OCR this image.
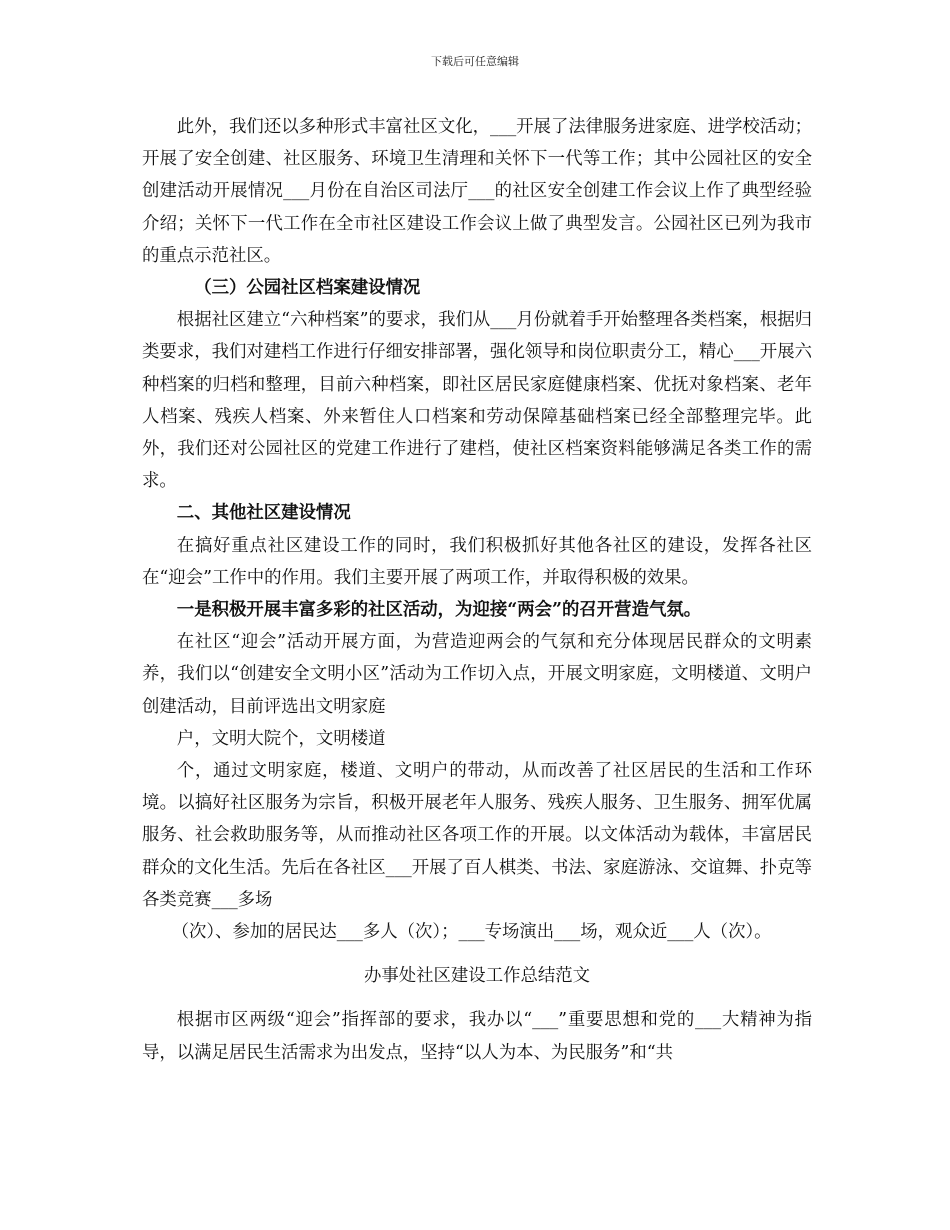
下载后可任意编辑

此外，我们还以多种形式丰富社区文化，___开展了法律服务进家庭、进学校活动；开展了安全创建、社区服务、环境卫生清理和关怀下一代等工作；其中公园社区的安全创建活动开展情况___月份在自治区司法厅___的社区安全创建工作会议上作了典型经验介绍；关怀下一代工作在全市社区建设工作会议上做了典型发言。公园社区已列为我市的重点示范社区。

（三）公园社区档案建设情况

根据社区建立“六种档案”的要求，我们从___月份就着手开始整理各类档案，根据归类要求，我们对建档工作进行仔细安排部署，强化领导和岗位职责分工，精心___开展六种档案的归档和整理，目前六种档案，即社区居民家庭健康档案、优抚对象档案、老年人档案、残疾人档案、外来暂住人口档案和劳动保障基础档案已经全部整理完毕。此外，我们还对公园社区的党建工作进行了建档，使社区档案资料能够满足各类工作的需求。

二、其他社区建设情况

在搞好重点社区建设工作的同时，我们积极抓好其他各社区的建设，发挥各社区在“迎会”工作中的作用。我们主要开展了两项工作，并取得积极的效果。

一是积极开展丰富多彩的社区活动，为迎接“两会”的召开营造气氛。

在社区“迎会”活动开展方面，为营造迎两会的气氛和充分体现居民群众的文明素养，我们以“创建安全文明小区”活动为工作切入点，开展文明家庭，文明楼道、文明户创建活动，目前评选出文明家庭

户，文明大院个，文明楼道

个，通过文明家庭，楼道、文明户的带动，从而改善了社区居民的生活和工作环境。以搞好社区服务为宗旨，积极开展老年人服务、残疾人服务、卫生服务、拥军优属服务、社会救助服务等，从而推动社区各项工作的开展。以文体活动为载体，丰富居民群众的文化生活。先后在各社区___开展了百人棋类、书法、家庭游泳、交谊舞、扑克等各类竞赛___多场

（次）、参加的居民达___多人（次）；___专场演出___场，观众近___人（次）。

办事处社区建设工作总结范文

根据市区两级“迎会”指挥部的要求，我办以“___”重要思想和党的___大精神为指导，以满足居民生活需求为出发点，坚持“以人为本、为民服务”和“共
